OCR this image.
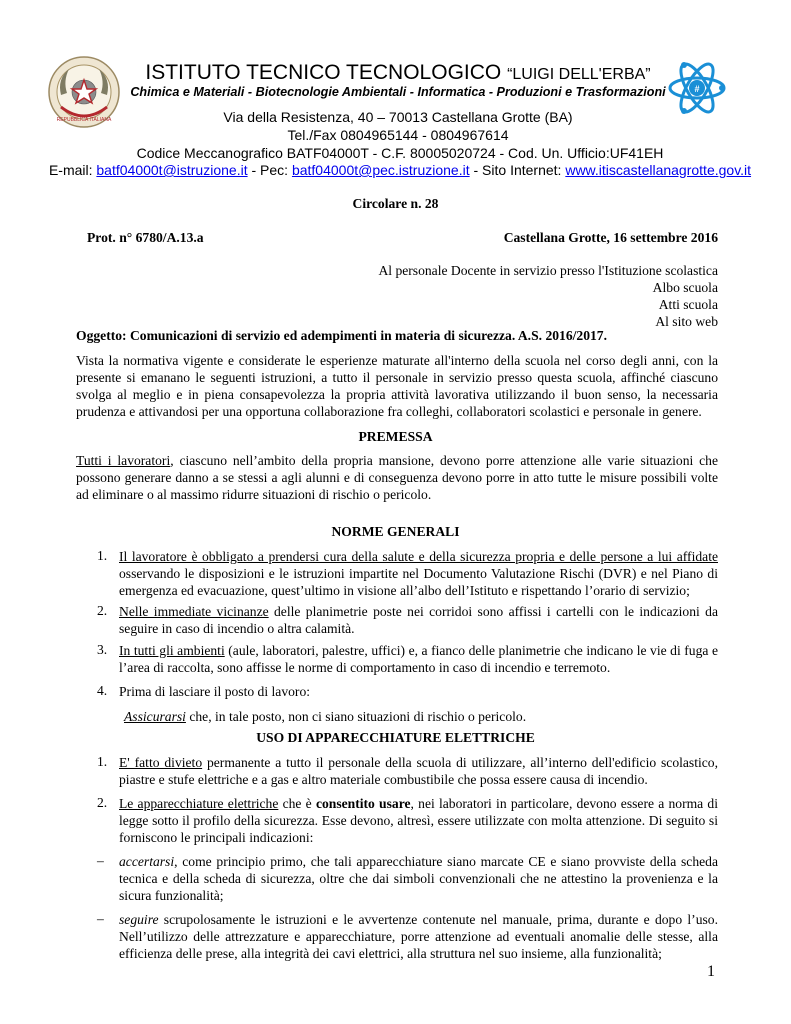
REPUBBLICA ITALIANA
#
ISTITUTO TECNICO TECNOLOGICO “LUIGI DELL'ERBA”
Chimica e Materiali - Biotecnologie Ambientali - Informatica - Produzioni e Trasformazioni
Via della Resistenza, 40 – 70013 Castellana Grotte (BA)
Tel./Fax 0804965144 - 0804967614
Codice Meccanografico BATF04000T - C.F. 80005020724 - Cod. Un. Ufficio:UF41EH
E-mail: batf04000t@istruzione.it - Pec: batf04000t@pec.istruzione.it - Sito Internet: www.itiscastellanagrotte.gov.it
Circolare n. 28
Prot. n° 6780/A.13.a	Castellana Grotte, 16 settembre 2016
Al personale Docente in servizio presso l'Istituzione scolastica
Albo scuola
Atti scuola
Al sito web
Oggetto: Comunicazioni di servizio ed adempimenti in materia di sicurezza. A.S. 2016/2017.
Vista la normativa vigente e considerate le esperienze maturate all'interno della scuola nel corso degli anni, con la
presente si emanano le seguenti istruzioni, a tutto il personale in servizio presso questa scuola, affinché ciascuno
svolga al meglio e in piena consapevolezza la propria attività lavorativa utilizzando il buon senso, la necessaria
prudenza e attivandosi per una opportuna collaborazione fra colleghi, collaboratori scolastici e personale in genere.
PREMESSA
Tutti i lavoratori, ciascuno nell’ambito della propria mansione, devono porre attenzione alle varie situazioni che
possono generare danno a se stessi a agli alunni e di conseguenza devono porre in atto tutte le misure possibili volte
ad eliminare o al massimo ridurre situazioni di rischio o pericolo.
NORME GENERALI
1. Il lavoratore è obbligato a prendersi cura della salute e della sicurezza propria e delle persone a lui affidate
osservando le disposizioni e le istruzioni impartite nel Documento Valutazione Rischi (DVR) e nel Piano di
emergenza ed evacuazione, quest’ultimo in visione all’albo dell’Istituto e rispettando l’orario di servizio;
2. Nelle immediate vicinanze delle planimetrie poste nei corridoi sono affissi i cartelli con le indicazioni da
seguire in caso di incendio o altra calamità.
3. In tutti gli ambienti (aule, laboratori, palestre, uffici) e, a fianco delle planimetrie che indicano le vie di fuga e
l’area di raccolta, sono affisse le norme di comportamento in caso di incendio e terremoto.
4. Prima di lasciare il posto di lavoro:
Assicurarsi che, in tale posto, non ci siano situazioni di rischio o pericolo.
USO DI APPARECCHIATURE ELETTRICHE
1. E' fatto divieto permanente a tutto il personale della scuola di utilizzare, all’interno dell'edificio scolastico,
piastre e stufe elettriche e a gas e altro materiale combustibile che possa essere causa di incendio.
2. Le apparecchiature elettriche che è consentito usare, nei laboratori in particolare, devono essere a norma di
legge sotto il profilo della sicurezza. Esse devono, altresì, essere utilizzate con molta attenzione. Di seguito si
forniscono le principali indicazioni:
– accertarsi, come principio primo, che tali apparecchiature siano marcate CE e siano provviste della scheda
tecnica e della scheda di sicurezza, oltre che dai simboli convenzionali che ne attestino la provenienza e la
sicura funzionalità;
– seguire scrupolosamente le istruzioni e le avvertenze contenute nel manuale, prima, durante e dopo l’uso.
Nell’utilizzo delle attrezzature e apparecchiature, porre attenzione ad eventuali anomalie delle stesse, alla
efficienza delle prese, alla integrità dei cavi elettrici, alla struttura nel suo insieme, alla funzionalità;
1
